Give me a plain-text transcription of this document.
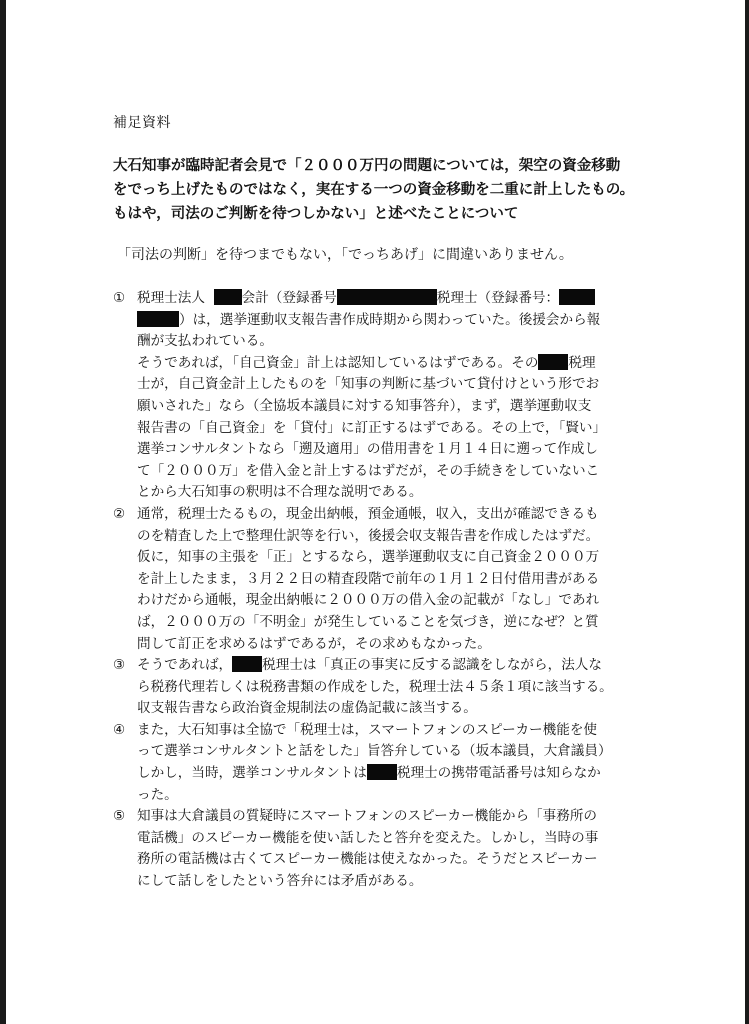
補足資料
大石知事が臨時記者会見で「２０００万円の問題については，架空の資金移動
をでっち上げたものではなく，実在する一つの資金移動を二重に計上したもの。
もはや，司法のご判断を待つしかない」と述べたことについて
「司法の判断」を待つまでもない，「でっちあげ」に間違いありません。
① 税理士法人	会計（登録番号	税理士（登録番号：
）は，選挙運動収支報告書作成時期から関わっていた。後援会から報
酬が支払われている。
そうであれば，「自己資金」計上は認知しているはずである。その 税理
士が，自己資金計上したものを「知事の判断に基づいて貸付けという形でお
願いされた」なら（全協坂本議員に対する知事答弁），まず，選挙運動収支
報告書の「自己資金」を「貸付」に訂正するはずである。その上で，「賢い」
選挙コンサルタントなら「遡及適用」の借用書を１月１４日に遡って作成し
て「２０００万」を借入金と計上するはずだが，その手続きをしていないこ
とから大石知事の釈明は不合理な説明である。
② 通常，税理士たるもの，現金出納帳，預金通帳，収入，支出が確認できるも
のを精査した上で整理仕訳等を行い，後援会収支報告書を作成したはずだ。
仮に，知事の主張を「正」とするなら，選挙運動収支に自己資金２０００万
を計上したまま，３月２２日の精査段階で前年の１月１２日付借用書がある
わけだから通帳，現金出納帳に２０００万の借入金の記載が「なし」であれ
ば，２０００万の「不明金」が発生していることを気づき，逆になぜ？と質
問して訂正を求めるはずであるが，その求めもなかった。
③ そうであれば， 税理士は「真正の事実に反する認識をしながら，法人な
ら税務代理若しくは税務書類の作成をした，税理士法４５条１項に該当する。
収支報告書なら政治資金規制法の虚偽記載に該当する。
④ また，大石知事は全協で「税理士は，スマートフォンのスピーカー機能を使
って選挙コンサルタントと話をした」旨答弁している（坂本議員，大倉議員）
しかし，当時，選挙コンサルタントは 税理士の携帯電話番号は知らなか
った。
⑤ 知事は大倉議員の質疑時にスマートフォンのスピーカー機能から「事務所の
電話機」のスピーカー機能を使い話したと答弁を変えた。しかし，当時の事
務所の電話機は古くてスピーカー機能は使えなかった。そうだとスピーカー
にして話しをしたという答弁には矛盾がある。
